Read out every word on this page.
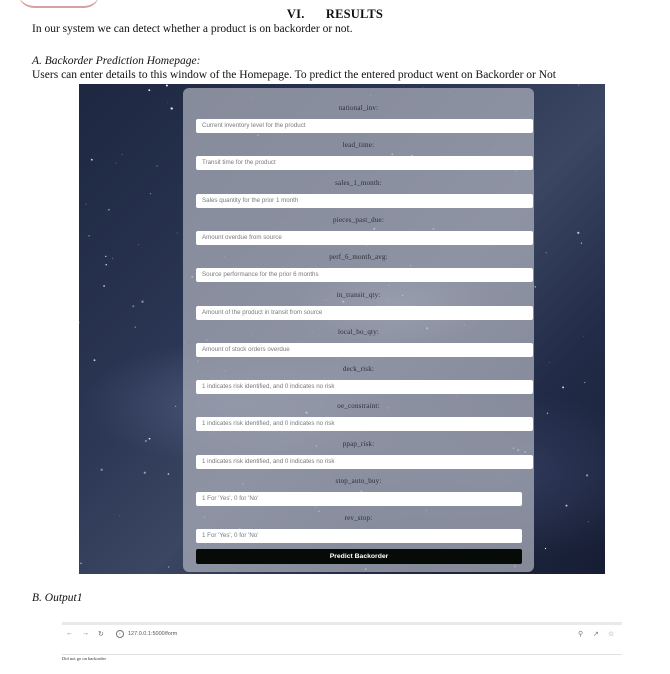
VI. RESULTS
In our system we can detect whether a product is on backorder or not.
A. Backorder Prediction Homepage:
Users can enter details to this window of the Homepage. To predict the entered product went on Backorder or Not
national_inv:
Current inventory level for the product
lead_time:
Transit time for the product
sales_1_month:
Sales quantity for the prior 1 month
pieces_past_due:
Amount overdue from source
perf_6_month_avg:
Source performance for the prior 6 months
in_transit_qty:
Amount of the product in transit from source
local_bo_qty:
Amount of stock orders overdue
deck_risk:
1 indicates risk identified, and 0 indicates no risk
oe_constraint:
1 indicates risk identified, and 0 indicates no risk
ppap_risk:
1 indicates risk identified, and 0 indicates no risk
stop_auto_buy:
1 For 'Yes', 0 for 'No'
rev_stop:
1 For 'Yes', 0 for 'No'
Predict Backorder
B. Output1
← → ↻	i 127.0.0.1:5000/form	⚲ ↗ ☆
Did not go on backorder
